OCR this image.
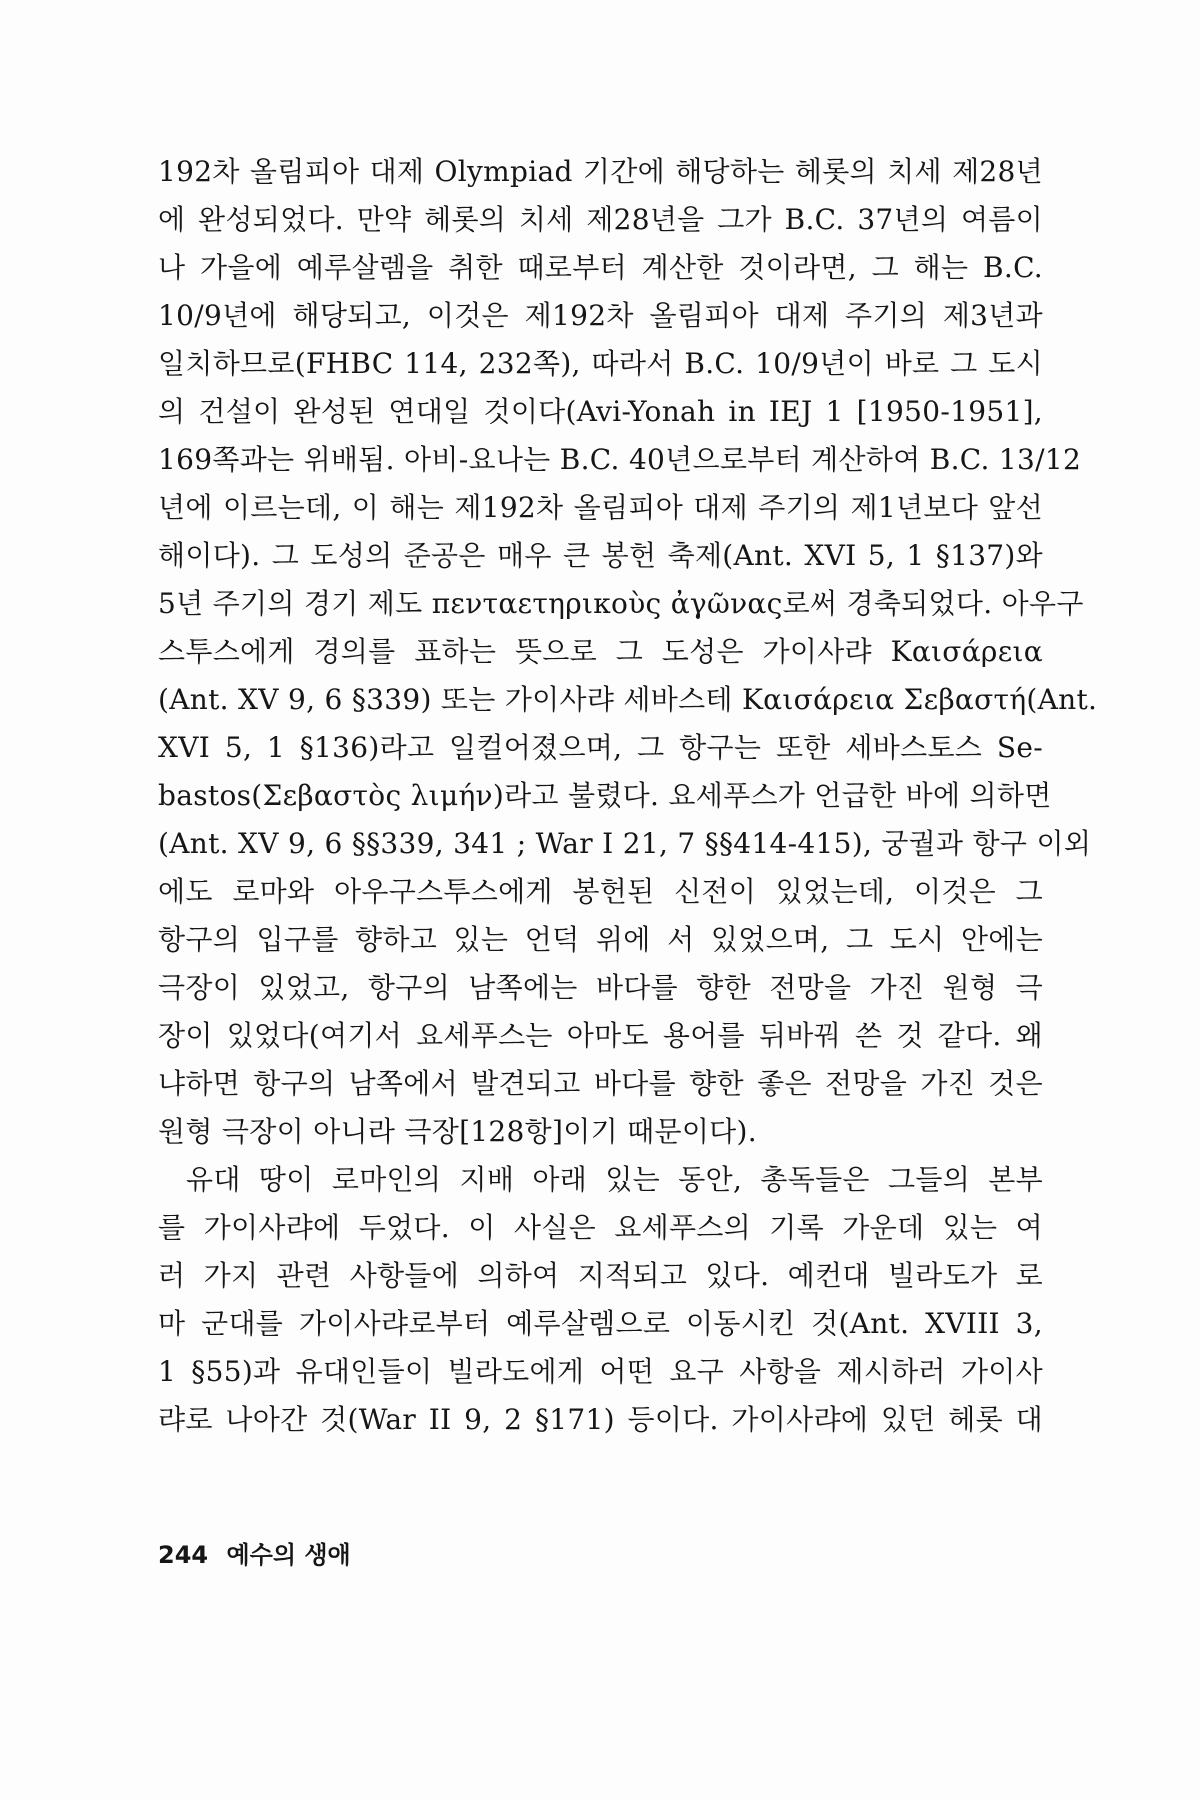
192차 올림피아 대제 Olympiad 기간에 해당하는 헤롯의 치세 제28년
에 완성되었다. 만약 헤롯의 치세 제28년을 그가 B.C. 37년의 여름이
나 가을에 예루살렘을 취한 때로부터 계산한 것이라면, 그 해는 B.C.
10/9년에 해당되고, 이것은 제192차 올림피아 대제 주기의 제3년과
일치하므로(FHBC 114, 232쪽), 따라서 B.C. 10/9년이 바로 그 도시
의 건설이 완성된 연대일 것이다(Avi-Yonah in IEJ 1 [1950-1951],
169쪽과는 위배됨. 아비-요나는 B.C. 40년으로부터 계산하여 B.C. 13/12
년에 이르는데, 이 해는 제192차 올림피아 대제 주기의 제1년보다 앞선
해이다). 그 도성의 준공은 매우 큰 봉헌 축제(Ant. XVI 5, 1 §137)와
5년 주기의 경기 제도 πενταετηρικοὺς ἀγῶνας로써 경축되었다. 아우구
스투스에게 경의를 표하는 뜻으로 그 도성은 가이사랴 Καισάρεια
(Ant. XV 9, 6 §339) 또는 가이사랴 세바스테 Καισάρεια Σεβαστή(Ant.
XVI 5, 1 §136)라고 일컬어졌으며, 그 항구는 또한 세바스토스 Se-
bastos(Σεβαστὸς λιμήν)라고 불렸다. 요세푸스가 언급한 바에 의하면
(Ant. XV 9, 6 §§339, 341 ; War I 21, 7 §§414-415), 궁궐과 항구 이외
에도 로마와 아우구스투스에게 봉헌된 신전이 있었는데, 이것은 그
항구의 입구를 향하고 있는 언덕 위에 서 있었으며, 그 도시 안에는
극장이 있었고, 항구의 남쪽에는 바다를 향한 전망을 가진 원형 극
장이 있었다(여기서 요세푸스는 아마도 용어를 뒤바꿔 쓴 것 같다. 왜
냐하면 항구의 남쪽에서 발견되고 바다를 향한 좋은 전망을 가진 것은
원형 극장이 아니라 극장[128항]이기 때문이다).
유대 땅이 로마인의 지배 아래 있는 동안, 총독들은 그들의 본부
를 가이사랴에 두었다. 이 사실은 요세푸스의 기록 가운데 있는 여
러 가지 관련 사항들에 의하여 지적되고 있다. 예컨대 빌라도가 로
마 군대를 가이사랴로부터 예루살렘으로 이동시킨 것(Ant. XVIII 3,
1 §55)과 유대인들이 빌라도에게 어떤 요구 사항을 제시하러 가이사
랴로 나아간 것(War II 9, 2 §171) 등이다. 가이사랴에 있던 헤롯 대
244 예수의 생애
